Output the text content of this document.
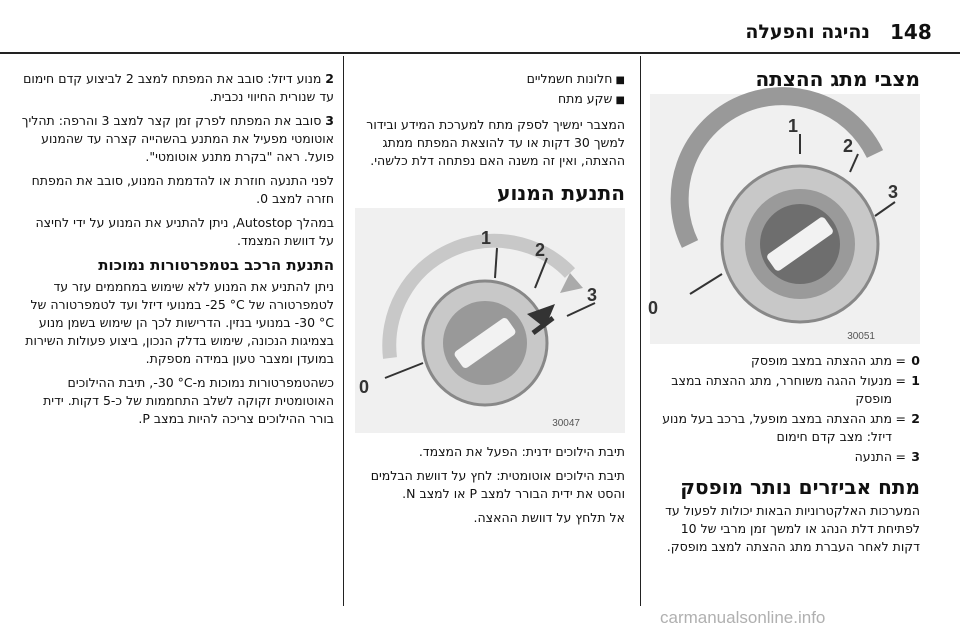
148
נהיגה והפעלה
מצבי מתג ההצתה
1
2
3
0
30051
0
=
מתג ההצתה במצב מופסק
1
=
מנעול ההגה משוחרר, מתג ההצתה במצב מופסק
2
=
מתג ההצתה במצב מופעל, ברכב בעל מנוע דיזל: מצב קדם חימום
3
=
התנעה
מתח אביזרים נותר מופסק

המערכות האלקטרוניות הבאות יכולות לפעול עד לפתיחת דלת הנהג או למשך זמן מרבי של 10 דקות לאחר העברת מתג ההצתה למצב מופסק.

■ חלונות חשמליים
■ שקע מתח

המצבר ימשיך לספק מתח למערכת המידע ובידור למשך 30 דקות או עד להוצאת המפתח ממתג ההצתה, ואין זה משנה האם נפתחה דלת כלשהי.

התנעת המנוע
1
2
3
0
30047

תיבת הילוכים ידנית: הפעל את המצמד.

תיבת הילוכים אוטומטית: לחץ על דוושת הבלמים והסט את ידית הבורר למצב P או למצב N.

אל תלחץ על דוושת ההאצה.

2 מנוע דיזל: סובב את המפתח למצב 2 לביצוע קדם חימום עד שנורית החיווי נכבית.

3 סובב את המפתח לפרק זמן קצר למצב 3 והרפה: תהליך אוטומטי מפעיל את המתנע בהשהייה קצרה עד שהמנוע פועל. ראה "בקרת מתנע אוטומטי".

לפני התנעה חוזרת או להדממת המנוע, סובב את המפתח חזרה למצב 0.

במהלך Autostop, ניתן להתניע את המנוע על ידי לחיצה על דוושת המצמד.

התנעת הרכב בטמפרטורות נמוכות

ניתן להתניע את המנוע ללא שימוש במחממים עזר עד לטמפרטורה של ‎-25 °C במנועי דיזל ועד לטמפרטורה של ‎-30 °C במנועי בנזין. הדרישות לכך הן שימוש בשמן מנוע בצמיגות הנכונה, שימוש בדלק הנכון, ביצוע פעולות השירות במועדן ומצבר טעון במידה מספקת.

כשהטמפרטורות נמוכות מ-‎-30 °C, תיבת ההילוכים האוטומטית זקוקה לשלב התחממות של כ-5 דקות. ידית בורר ההילוכים צריכה להיות במצב P.

carmanualsonline.info
